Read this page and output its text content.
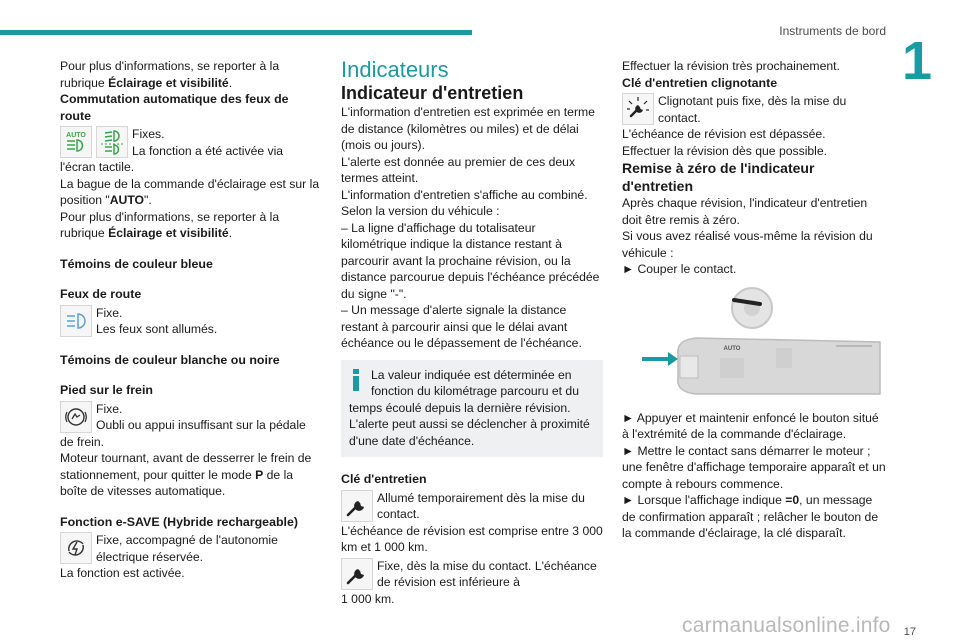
Instruments de bord 1

Pour plus d'informations, se reporter à la rubrique Éclairage et visibilité.

Commutation automatique des feux de route

AUTO	Fixes.

La fonction a été activée via

l'écran tactile.

La bague de la commande d'éclairage est sur la position "AUTO".

Pour plus d'informations, se reporter à la rubrique Éclairage et visibilité.

Témoins de couleur bleue

Feux de route

Fixe.

Les feux sont allumés.

Témoins de couleur blanche ou noire

Pied sur le frein

Fixe.

Oubli ou appui insuffisant sur la pédale

de frein.

Moteur tournant, avant de desserrer le frein de stationnement, pour quitter le mode P de la boîte de vitesses automatique.

Fonction e-SAVE (Hybride rechargeable)

Fixe, accompagné de l'autonomie électrique réservée.

La fonction est activée.

Indicateurs

Indicateur d'entretien

L'information d'entretien est exprimée en terme de distance (kilomètres ou miles) et de délai (mois ou jours).

L'alerte est donnée au premier de ces deux termes atteint.

L'information d'entretien s'affiche au combiné.

Selon la version du véhicule :

– La ligne d'affichage du totalisateur kilométrique indique la distance restant à parcourir avant la prochaine révision, ou la distance parcourue depuis l'échéance précédée du signe "-".

– Un message d'alerte signale la distance restant à parcourir ainsi que le délai avant échéance ou le dépassement de l'échéance.

La valeur indiquée est déterminée en fonction du kilométrage parcouru et du temps écoulé depuis la dernière révision. L'alerte peut aussi se déclencher à proximité d'une date d'échéance.

Clé d'entretien

Allumé temporairement dès la mise du contact.

L'échéance de révision est comprise entre 3 000 km et 1 000 km.

Fixe, dès la mise du contact. L'échéance de révision est inférieure à

1 000 km.

Effectuer la révision très prochainement.

Clé d'entretien clignotante

Clignotant puis fixe, dès la mise du contact.

L'échéance de révision est dépassée.

Effectuer la révision dès que possible.

Remise à zéro de l'indicateur d'entretien

Après chaque révision, l'indicateur d'entretien doit être remis à zéro.

Si vous avez réalisé vous-même la révision du véhicule :

► Couper le contact.

AUTO

► Appuyer et maintenir enfoncé le bouton situé à l'extrémité de la commande d'éclairage.

► Mettre le contact sans démarrer le moteur ; une fenêtre d'affichage temporaire apparaît et un compte à rebours commence.

► Lorsque l'affichage indique =0, un message de confirmation apparaît ; relâcher le bouton de la commande d'éclairage, la clé disparaît.

carmanualsonline.info 17
